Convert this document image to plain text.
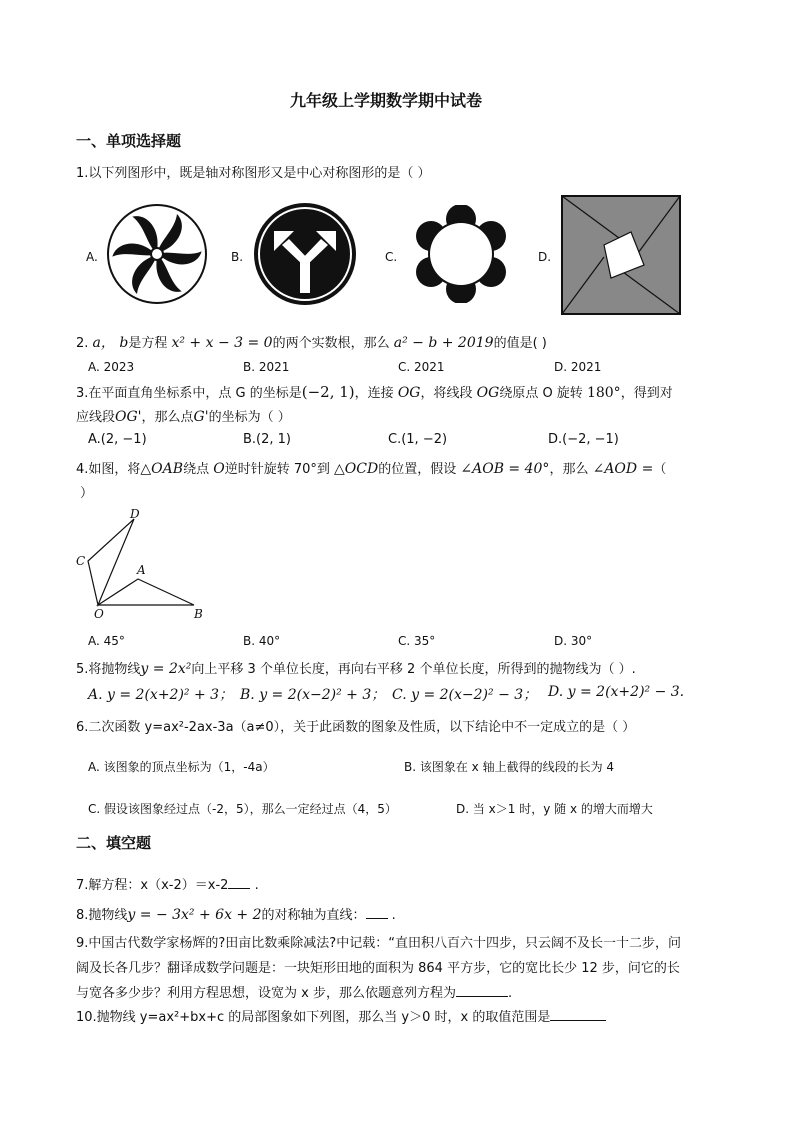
九年级上学期数学期中试卷
一、单项选择题
1.以下列图形中，既是轴对称图形又是中心对称图形的是（ ）
A.	B.	C.	D.
2. a， b是方程 x² + x − 3 = 0的两个实数根，那么 a² − b + 2019的值是( )
A. 2023	B. 2021	C. 2021	D. 2021
3.在平面直角坐标系中，点 G 的坐标是(−2, 1)，连接 OG，将线段 OG绕原点 O 旋转 180°，得到对
应线段OG'，那么点G'的坐标为（ ）
A.(2, −1)	B.(2, 1)	C.(1, −2)	D.(−2, −1)
4.如图，将△OAB绕点 O逆时针旋转 70°到 △OCD的位置，假设 ∠AOB = 40°，那么 ∠AOD =（
）
D
C
A
O	B
A. 45°	B. 40°	C. 35°	D. 30°
5.将抛物线y = 2x²向上平移 3 个单位长度，再向右平移 2 个单位长度，所得到的抛物线为（ ）.
A. y = 2(x+2)² + 3； B. y = 2(x−2)² + 3； C. y = 2(x−2)² − 3； D. y = 2(x+2)² − 3.
6.二次函数 y=ax²-2ax-3a（a≠0），关于此函数的图象及性质，以下结论中不一定成立的是（ ）
A. 该图象的顶点坐标为（1，-4a）	B. 该图象在 x 轴上截得的线段的长为 4
C. 假设该图象经过点（-2，5），那么一定经过点（4，5）	D. 当 x＞1 时，y 随 x 的增大而增大
二、填空题
7.解方程：x（x-2）＝x-2 .
8.抛物线y = − 3x² + 6x + 2的对称轴为直线： .
9.中国古代数学家杨辉的?田亩比数乘除减法?中记载：“直田积八百六十四步，只云阔不及长一十二步，问
阔及长各几步？翻译成数学问题是：一块矩形田地的面积为 864 平方步，它的宽比长少 12 步，问它的长
与宽各多少步？利用方程思想，设宽为 x 步，那么依题意列方程为	.
10.抛物线 y=ax²+bx+c 的局部图象如下列图，那么当 y＞0 时，x 的取值范围是
